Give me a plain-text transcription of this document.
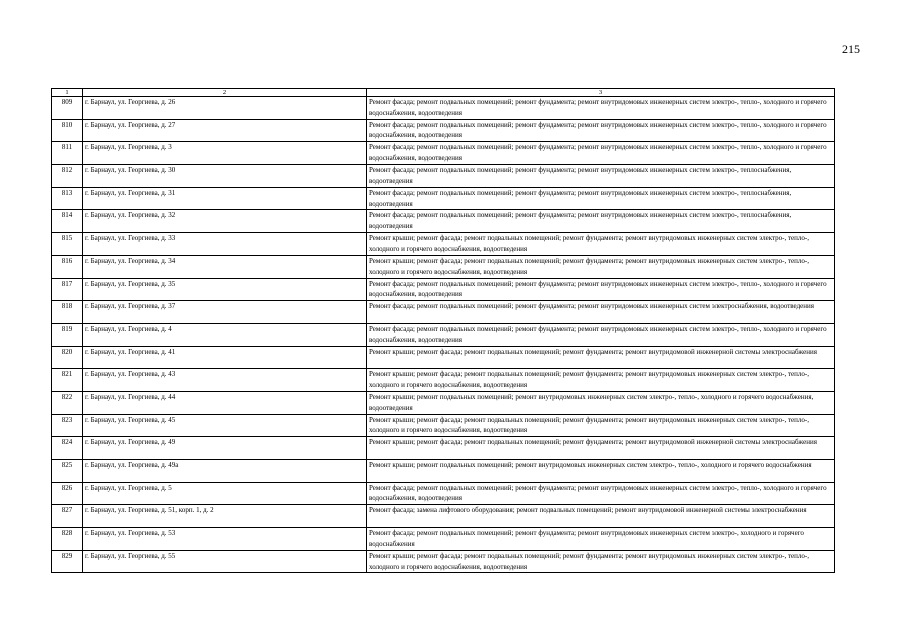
215
1	2	3
809	г. Барнаул, ул. Георгиева, д. 26	Ремонт фасада; ремонт подвальных помещений; ремонт фундамента; ремонт внутридомовых инженерных систем электро-, тепло-, холодного и горячего водоснабжения, водоотведения
810	г. Барнаул, ул. Георгиева, д. 27	Ремонт фасада; ремонт подвальных помещений; ремонт фундамента; ремонт внутридомовых инженерных систем электро-, тепло-, холодного и горячего водоснабжения, водоотведения
811	г. Барнаул, ул. Георгиева, д. 3	Ремонт фасада; ремонт подвальных помещений; ремонт фундамента; ремонт внутридомовых инженерных систем электро-, тепло-, холодного и горячего водоснабжения, водоотведения
812	г. Барнаул, ул. Георгиева, д. 30	Ремонт фасада; ремонт подвальных помещений; ремонт фундамента; ремонт внутридомовых инженерных систем электро-, теплоснабжения, водоотведения
813	г. Барнаул, ул. Георгиева, д. 31	Ремонт фасада; ремонт подвальных помещений; ремонт фундамента; ремонт внутридомовых инженерных систем электро-, теплоснабжения, водоотведения
814	г. Барнаул, ул. Георгиева, д. 32	Ремонт фасада; ремонт подвальных помещений; ремонт фундамента; ремонт внутридомовых инженерных систем электро-, теплоснабжения, водоотведения
815	г. Барнаул, ул. Георгиева, д. 33	Ремонт крыши; ремонт фасада; ремонт подвальных помещений; ремонт фундамента; ремонт внутридомовых инженерных систем электро-, тепло-, холодного и горячего водоснабжения, водоотведения
816	г. Барнаул, ул. Георгиева, д. 34	Ремонт крыши; ремонт фасада; ремонт подвальных помещений; ремонт фундамента; ремонт внутридомовых инженерных систем электро-, тепло-, холодного и горячего водоснабжения, водоотведения
817	г. Барнаул, ул. Георгиева, д. 35	Ремонт фасада; ремонт подвальных помещений; ремонт фундамента; ремонт внутридомовых инженерных систем электро-, тепло-, холодного и горячего водоснабжения, водоотведения
818	г. Барнаул, ул. Георгиева, д. 37	Ремонт фасада; ремонт подвальных помещений; ремонт фундамента; ремонт внутридомовых инженерных систем электроснабжения, водоотведения
819	г. Барнаул, ул. Георгиева, д. 4	Ремонт фасада; ремонт подвальных помещений; ремонт фундамента; ремонт внутридомовых инженерных систем электро-, тепло-, холодного и горячего водоснабжения, водоотведения
820	г. Барнаул, ул. Георгиева, д. 41	Ремонт крыши; ремонт фасада; ремонт подвальных помещений; ремонт фундамента; ремонт внутридомовой инженерной системы электроснабжения
821	г. Барнаул, ул. Георгиева, д. 43	Ремонт крыши; ремонт фасада; ремонт подвальных помещений; ремонт фундамента; ремонт внутридомовых инженерных систем электро-, тепло-, холодного и горячего водоснабжения, водоотведения
822	г. Барнаул, ул. Георгиева, д. 44	Ремонт крыши; ремонт подвальных помещений; ремонт внутридомовых инженерных систем электро-, тепло-, холодного и горячего водоснабжения, водоотведения
823	г. Барнаул, ул. Георгиева, д. 45	Ремонт крыши; ремонт фасада; ремонт подвальных помещений; ремонт фундамента; ремонт внутридомовых инженерных систем электро-, тепло-, холодного и горячего водоснабжения, водоотведения
824	г. Барнаул, ул. Георгиева, д. 49	Ремонт крыши; ремонт фасада; ремонт подвальных помещений; ремонт фундамента; ремонт внутридомовой инженерной системы электроснабжения
825	г. Барнаул, ул. Георгиева, д. 49а	Ремонт крыши; ремонт подвальных помещений; ремонт внутридомовых инженерных систем электро-, тепло-, холодного и горячего водоснабжения
826	г. Барнаул, ул. Георгиева, д. 5	Ремонт фасада; ремонт подвальных помещений; ремонт фундамента; ремонт внутридомовых инженерных систем электро-, тепло-, холодного и горячего водоснабжения, водоотведения
827	г. Барнаул, ул. Георгиева, д. 51, корп. 1, д. 2	Ремонт фасада; замена лифтового оборудования; ремонт подвальных помещений; ремонт внутридомовой инженерной системы электроснабжения
828	г. Барнаул, ул. Георгиева, д. 53	Ремонт фасада; ремонт подвальных помещений; ремонт фундамента; ремонт внутридомовых инженерных систем электро-, холодного и горячего водоснабжения
829	г. Барнаул, ул. Георгиева, д. 55	Ремонт крыши; ремонт фасада; ремонт подвальных помещений; ремонт фундамента; ремонт внутридомовых инженерных систем электро-, тепло-, холодного и горячего водоснабжения, водоотведения
